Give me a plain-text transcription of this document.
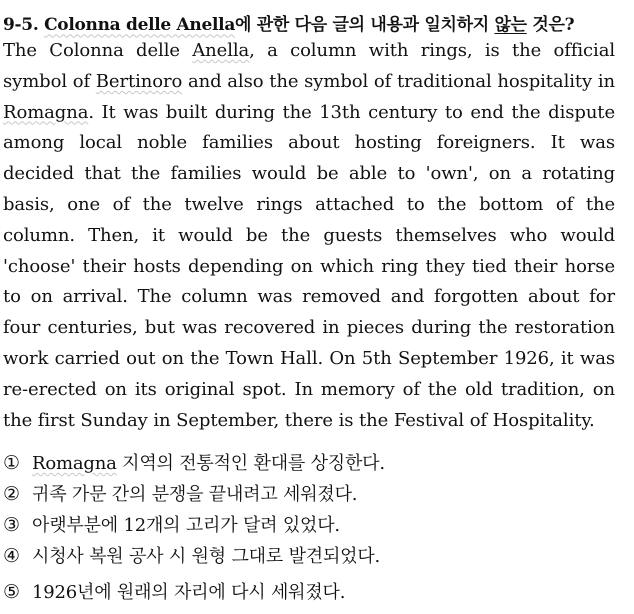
9-5. Colonna delle Anella에 관한 다음 글의 내용과 일치하지 않는 것은?
The Colonna delle Anella, a column with rings, is the official symbol of Bertinoro and also the symbol of traditional hospitality in Romagna. It was built during the 13th century to end the dispute among local noble families about hosting foreigners. It was decided that the families would be able to 'own', on a rotating basis, one of the twelve rings attached to the bottom of the column. Then, it would be the guests themselves who would 'choose' their hosts depending on which ring they tied their horse to on arrival. The column was removed and forgotten about for four centuries, but was recovered in pieces during the restoration work carried out on the Town Hall. On 5th September 1926, it was re-erected on its original spot. In memory of the old tradition, on the first Sunday in September, there is the Festival of Hospitality.
① Romagna 지역의 전통적인 환대를 상징한다.
② 귀족 가문 간의 분쟁을 끝내려고 세워졌다.
③ 아랫부분에 12개의 고리가 달려 있었다.
④ 시청사 복원 공사 시 원형 그대로 발견되었다.
⑤ 1926년에 원래의 자리에 다시 세워졌다.
